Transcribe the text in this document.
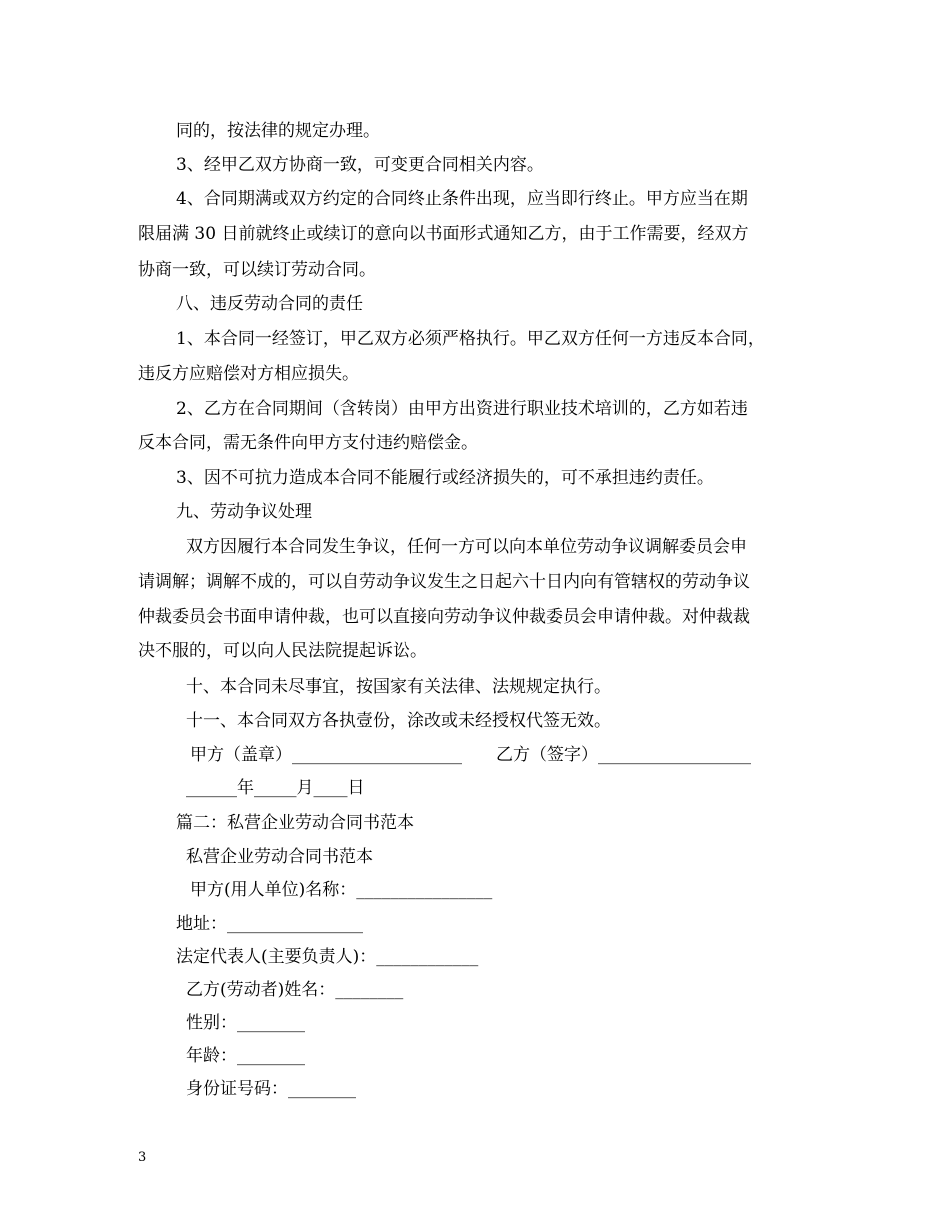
同的，按法律的规定办理。
3、经甲乙双方协商一致，可变更合同相关内容。
4、合同期满或双方约定的合同终止条件出现，应当即行终止。甲方应当在期
限届满 30 日前就终止或续订的意向以书面形式通知乙方，由于工作需要，经双方
协商一致，可以续订劳动合同。
八、违反劳动合同的责任
1、本合同一经签订，甲乙双方必须严格执行。甲乙双方任何一方违反本合同，
违反方应赔偿对方相应损失。
2、乙方在合同期间（含转岗）由甲方出资进行职业技术培训的，乙方如若违
反本合同，需无条件向甲方支付违约赔偿金。
3、因不可抗力造成本合同不能履行或经济损失的，可不承担违约责任。
九、劳动争议处理
双方因履行本合同发生争议，任何一方可以向本单位劳动争议调解委员会申
请调解；调解不成的，可以自劳动争议发生之日起六十日内向有管辖权的劳动争议
仲裁委员会书面申请仲裁，也可以直接向劳动争议仲裁委员会申请仲裁。对仲裁裁
决不服的，可以向人民法院提起诉讼。
十、本合同未尽事宜，按国家有关法律、法规规定执行。
十一、本合同双方各执壹份，涂改或未经授权代签无效。
甲方（盖章）____________________　　乙方（签字）__________________
______年_____月____日
篇二：私营企业劳动合同书范本
私营企业劳动合同书范本
甲方(用人单位)名称：________________
地址：________________
法定代表人(主要负责人)：____________
乙方(劳动者)姓名：________
性别：________
年龄：________
身份证号码：________
3
